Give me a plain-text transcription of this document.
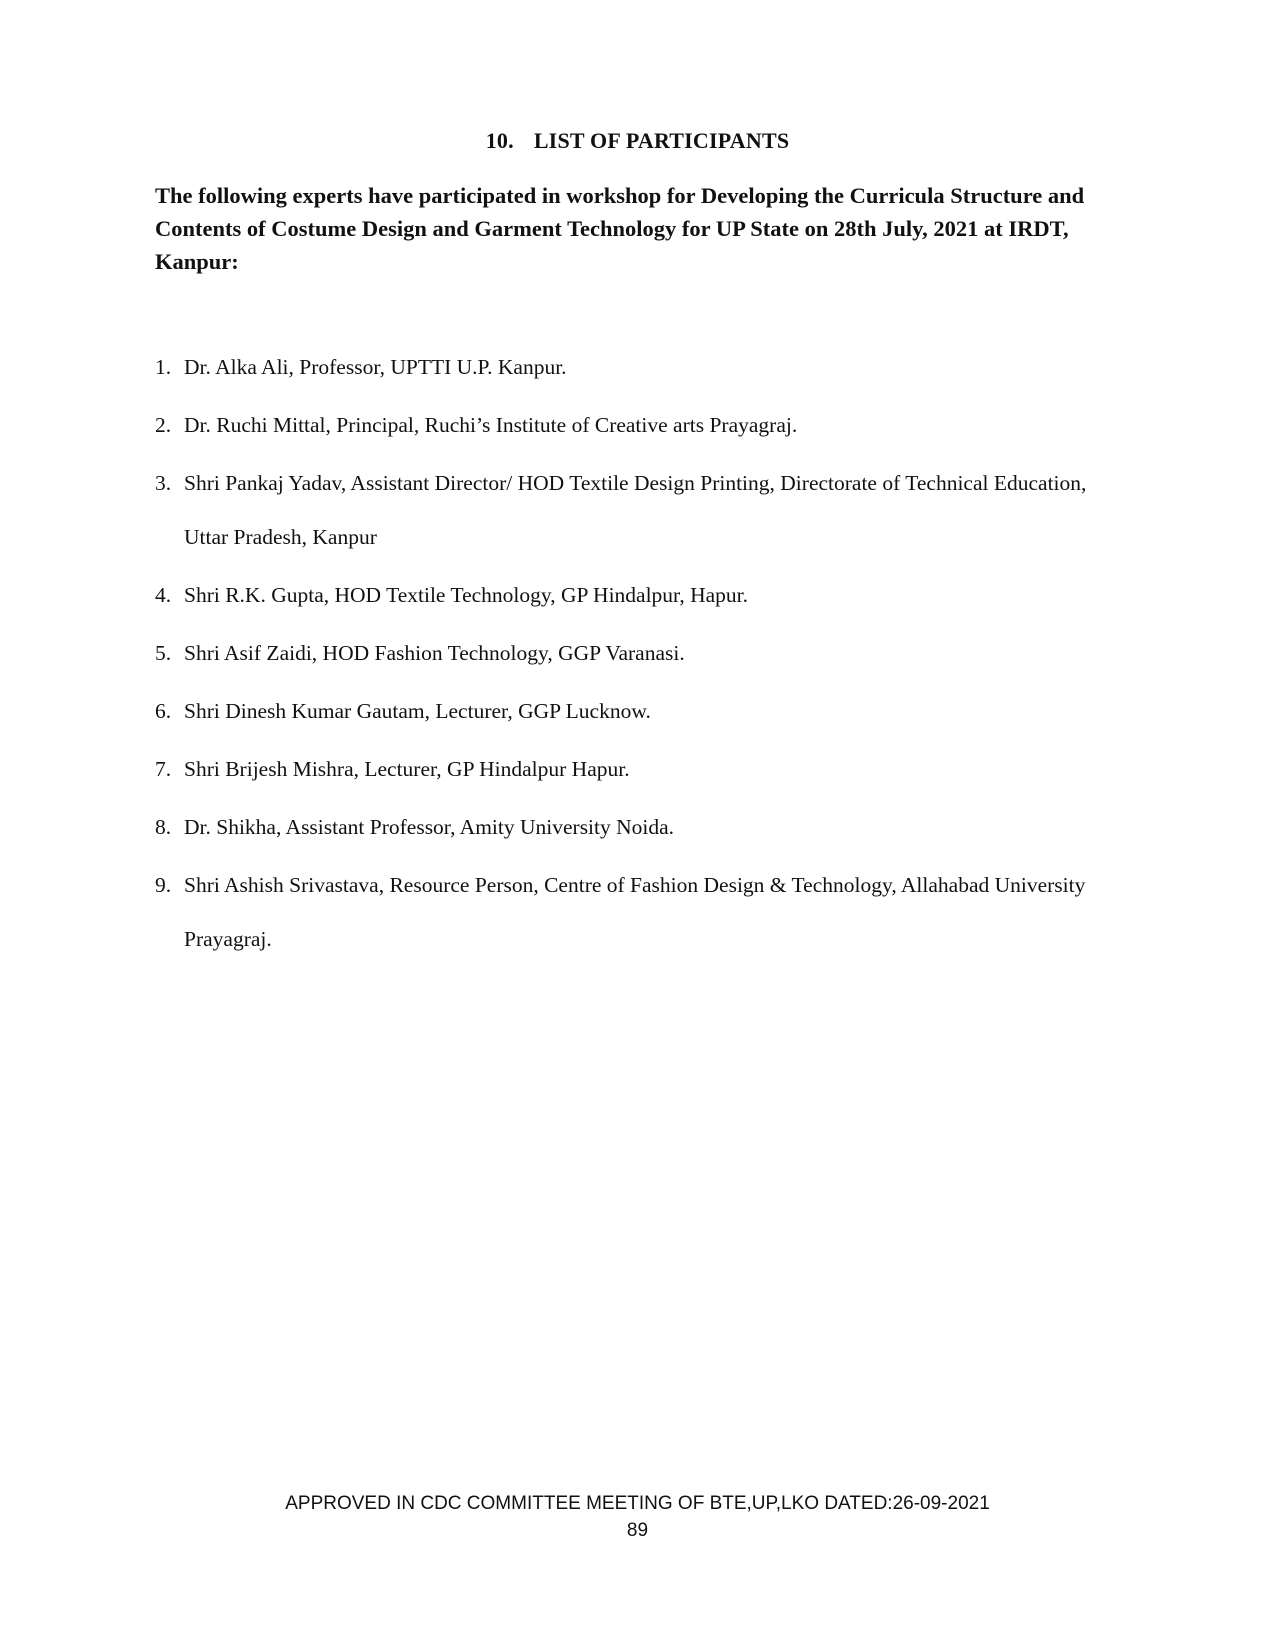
10. LIST OF PARTICIPANTS

The following experts have participated in workshop for Developing the Curricula Structure and Contents of Costume Design and Garment Technology for UP State on 28th July, 2021 at IRDT, Kanpur:

1. Dr. Alka Ali, Professor, UPTTI U.P. Kanpur.
2. Dr. Ruchi Mittal, Principal, Ruchi’s Institute of Creative arts Prayagraj.
3. Shri Pankaj Yadav, Assistant Director/ HOD Textile Design Printing, Directorate of Technical Education, Uttar Pradesh, Kanpur
4. Shri R.K. Gupta, HOD Textile Technology, GP Hindalpur, Hapur.
5. Shri Asif Zaidi, HOD Fashion Technology, GGP Varanasi.
6. Shri Dinesh Kumar Gautam, Lecturer, GGP Lucknow.
7. Shri Brijesh Mishra, Lecturer, GP Hindalpur Hapur.
8. Dr. Shikha, Assistant Professor, Amity University Noida.
9. Shri Ashish Srivastava, Resource Person, Centre of Fashion Design & Technology, Allahabad University Prayagraj.
APPROVED IN CDC COMMITTEE MEETING OF BTE,UP,LKO DATED:26-09-2021
89
